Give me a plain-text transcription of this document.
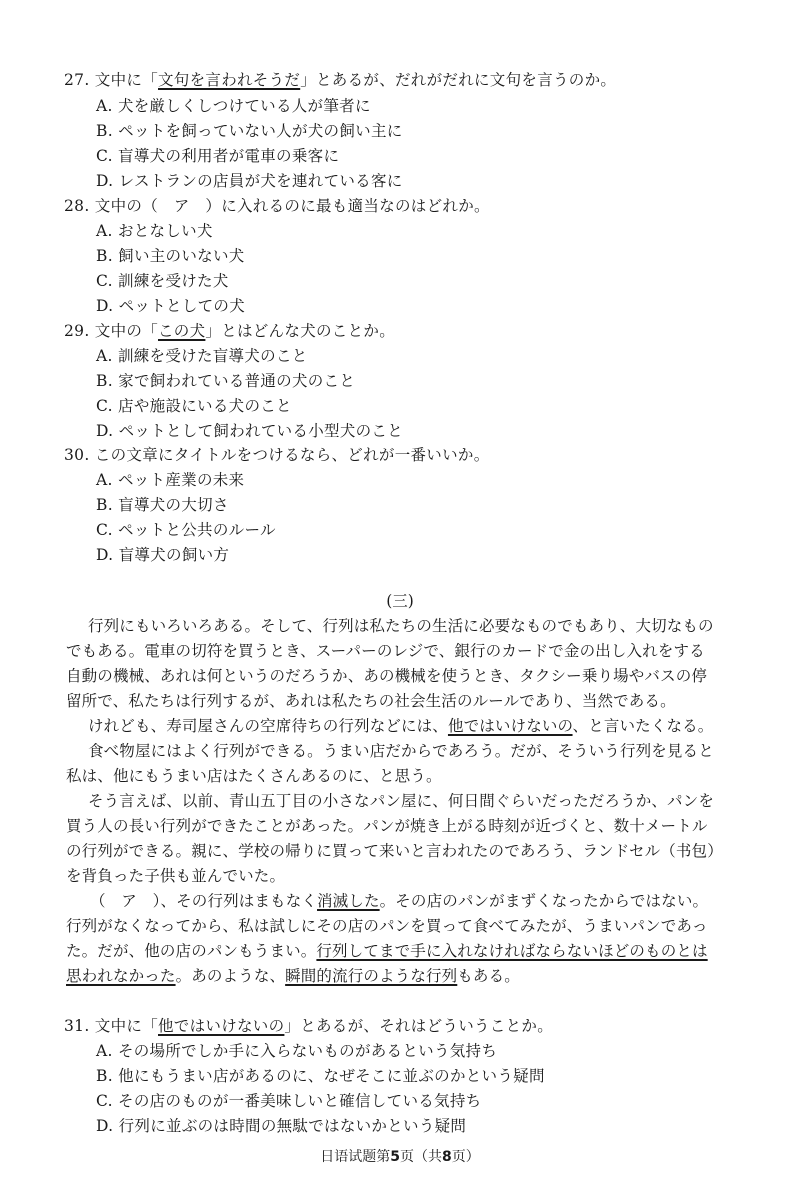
27. 文中に「文句を言われそうだ」とあるが、だれがだれに文句を言うのか。
A. 犬を厳しくしつけている人が筆者に
B. ペットを飼っていない人が犬の飼い主に
C. 盲導犬の利用者が電車の乗客に
D. レストランの店員が犬を連れている客に
28. 文中の（　ア　）に入れるのに最も適当なのはどれか。
A. おとなしい犬
B. 飼い主のいない犬
C. 訓練を受けた犬
D. ペットとしての犬
29. 文中の「この犬」とはどんな犬のことか。
A. 訓練を受けた盲導犬のこと
B. 家で飼われている普通の犬のこと
C. 店や施設にいる犬のこと
D. ペットとして飼われている小型犬のこと
30. この文章にタイトルをつけるなら、どれが一番いいか。
A. ペット産業の未来
B. 盲導犬の大切さ
C. ペットと公共のルール
D. 盲導犬の飼い方
(三)
行列にもいろいろある。そして、行列は私たちの生活に必要なものでもあり、大切なもの
でもある。電車の切符を買うとき、スーパーのレジで、銀行のカードで金の出し入れをする
自動の機械、あれは何というのだろうか、あの機械を使うとき、タクシー乗り場やバスの停
留所で、私たちは行列するが、あれは私たちの社会生活のルールであり、当然である。
けれども、寿司屋さんの空席待ちの行列などには、他ではいけないの、と言いたくなる。
食べ物屋にはよく行列ができる。うまい店だからであろう。だが、そういう行列を見ると
私は、他にもうまい店はたくさんあるのに、と思う。
そう言えば、以前、青山五丁目の小さなパン屋に、何日間ぐらいだっただろうか、パンを
買う人の長い行列ができたことがあった。パンが焼き上がる時刻が近づくと、数十メートル
の行列ができる。親に、学校の帰りに買って来いと言われたのであろう、ランドセル（书包）
を背負った子供も並んでいた。
（　ア　）、その行列はまもなく消滅した。その店のパンがまずくなったからではない。
行列がなくなってから、私は試しにその店のパンを買って食べてみたが、うまいパンであっ
た。だが、他の店のパンもうまい。行列してまで手に入れなければならないほどのものとは
思われなかった。あのような、瞬間的流行のような行列もある。
31. 文中に「他ではいけないの」とあるが、それはどういうことか。
A. その場所でしか手に入らないものがあるという気持ち
B. 他にもうまい店があるのに、なぜそこに並ぶのかという疑問
C. その店のものが一番美味しいと確信している気持ち
D. 行列に並ぶのは時間の無駄ではないかという疑問
日语试题第5页（共8页）
